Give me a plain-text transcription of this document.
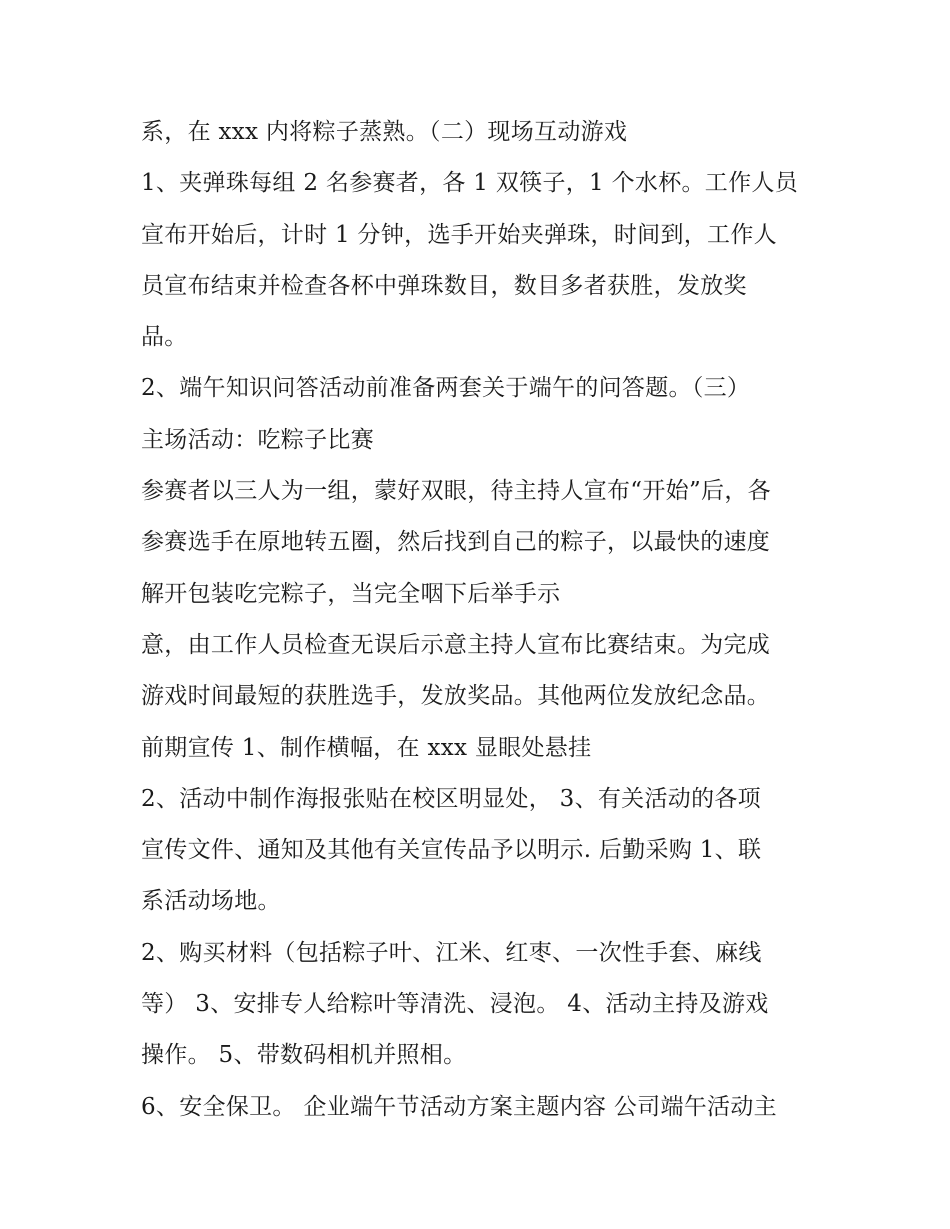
系，在 xxx 内将粽子蒸熟。（二）现场互动游戏
1、夹弹珠每组 2 名参赛者，各 1 双筷子，1 个水杯。工作人员
宣布开始后，计时 1 分钟，选手开始夹弹珠，时间到，工作人
员宣布结束并检查各杯中弹珠数目，数目多者获胜，发放奖
品。
2、端午知识问答活动前准备两套关于端午的问答题。（三）
主场活动：吃粽子比赛
参赛者以三人为一组，蒙好双眼，待主持人宣布“开始”后，各
参赛选手在原地转五圈，然后找到自己的粽子，以最快的速度
解开包装吃完粽子，当完全咽下后举手示
意，由工作人员检查无误后示意主持人宣布比赛结束。为完成
游戏时间最短的获胜选手，发放奖品。其他两位发放纪念品。
前期宣传 1、制作横幅，在 xxx 显眼处悬挂
2、活动中制作海报张贴在校区明显处， 3、有关活动的各项
宣传文件、通知及其他有关宣传品予以明示. 后勤采购 1、联
系活动场地。
2、购买材料（包括粽子叶、江米、红枣、一次性手套、麻线
等） 3、安排专人给粽叶等清洗、浸泡。 4、活动主持及游戏
操作。 5、带数码相机并照相。
6、安全保卫。 企业端午节活动方案主题内容 公司端午活动主
